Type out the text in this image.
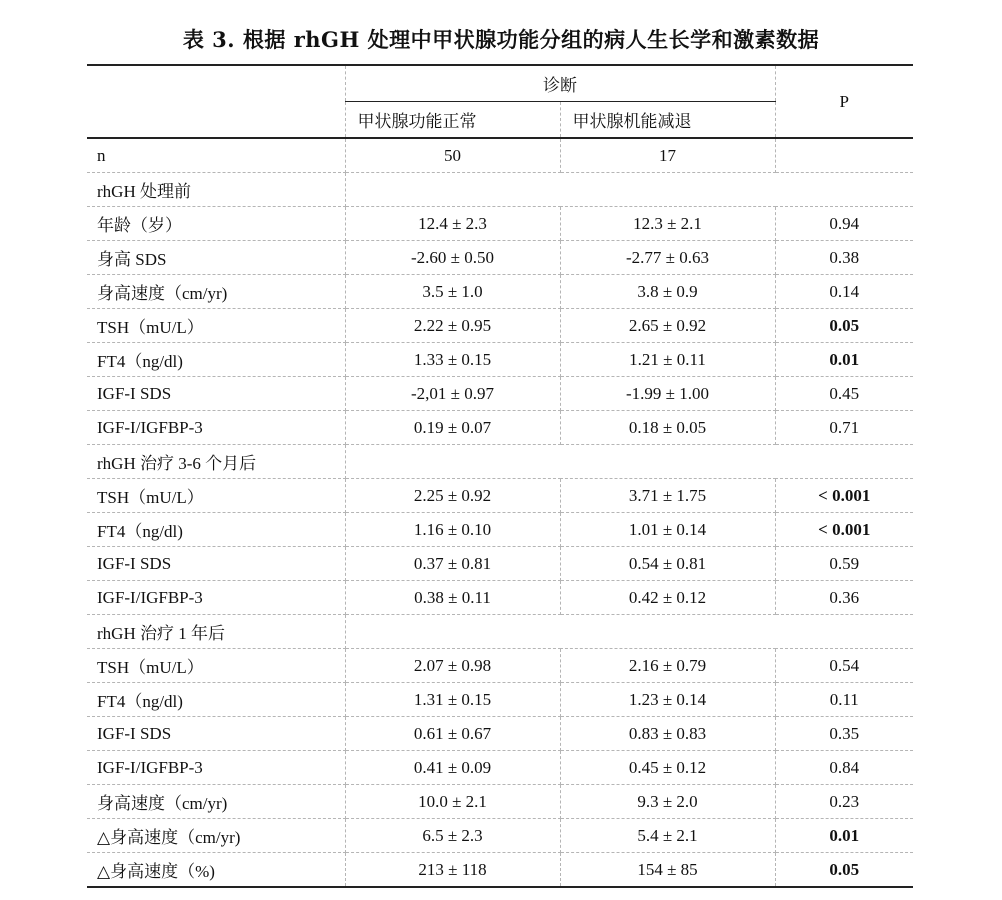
表 3. 根据 rhGH 处理中甲状腺功能分组的病人生长学和激素数据
	诊断		P
	甲状腺功能正常	甲状腺机能减退	
n	50	17	
rhGH 处理前			
年龄（岁）	12.4 ± 2.3	12.3 ± 2.1	0.94
身高 SDS	-2.60 ± 0.50	-2.77 ± 0.63	0.38
身高速度（cm/yr)	3.5 ± 1.0	3.8 ± 0.9	0.14
TSH（mU/L）	2.22 ± 0.95	2.65 ± 0.92	0.05
FT4（ng/dl)	1.33 ± 0.15	1.21 ± 0.11	0.01
IGF-I SDS	-2,01 ± 0.97	-1.99 ± 1.00	0.45
IGF-I/IGFBP-3	0.19 ± 0.07	0.18 ± 0.05	0.71
rhGH 治疗 3-6 个月后			
TSH（mU/L）	2.25 ± 0.92	3.71 ± 1.75	< 0.001
FT4（ng/dl)	1.16 ± 0.10	1.01 ± 0.14	< 0.001
IGF-I SDS	0.37 ± 0.81	0.54 ± 0.81	0.59
IGF-I/IGFBP-3	0.38 ± 0.11	0.42 ± 0.12	0.36
rhGH 治疗 1 年后			
TSH（mU/L）	2.07 ± 0.98	2.16 ± 0.79	0.54
FT4（ng/dl)	1.31 ± 0.15	1.23 ± 0.14	0.11
IGF-I SDS	0.61 ± 0.67	0.83 ± 0.83	0.35
IGF-I/IGFBP-3	0.41 ± 0.09	0.45 ± 0.12	0.84
身高速度（cm/yr)	10.0 ± 2.1	9.3 ± 2.0	0.23
△身高速度（cm/yr)	6.5 ± 2.3	5.4 ± 2.1	0.01
△身高速度（%)	213 ± 118	154 ± 85	0.05
